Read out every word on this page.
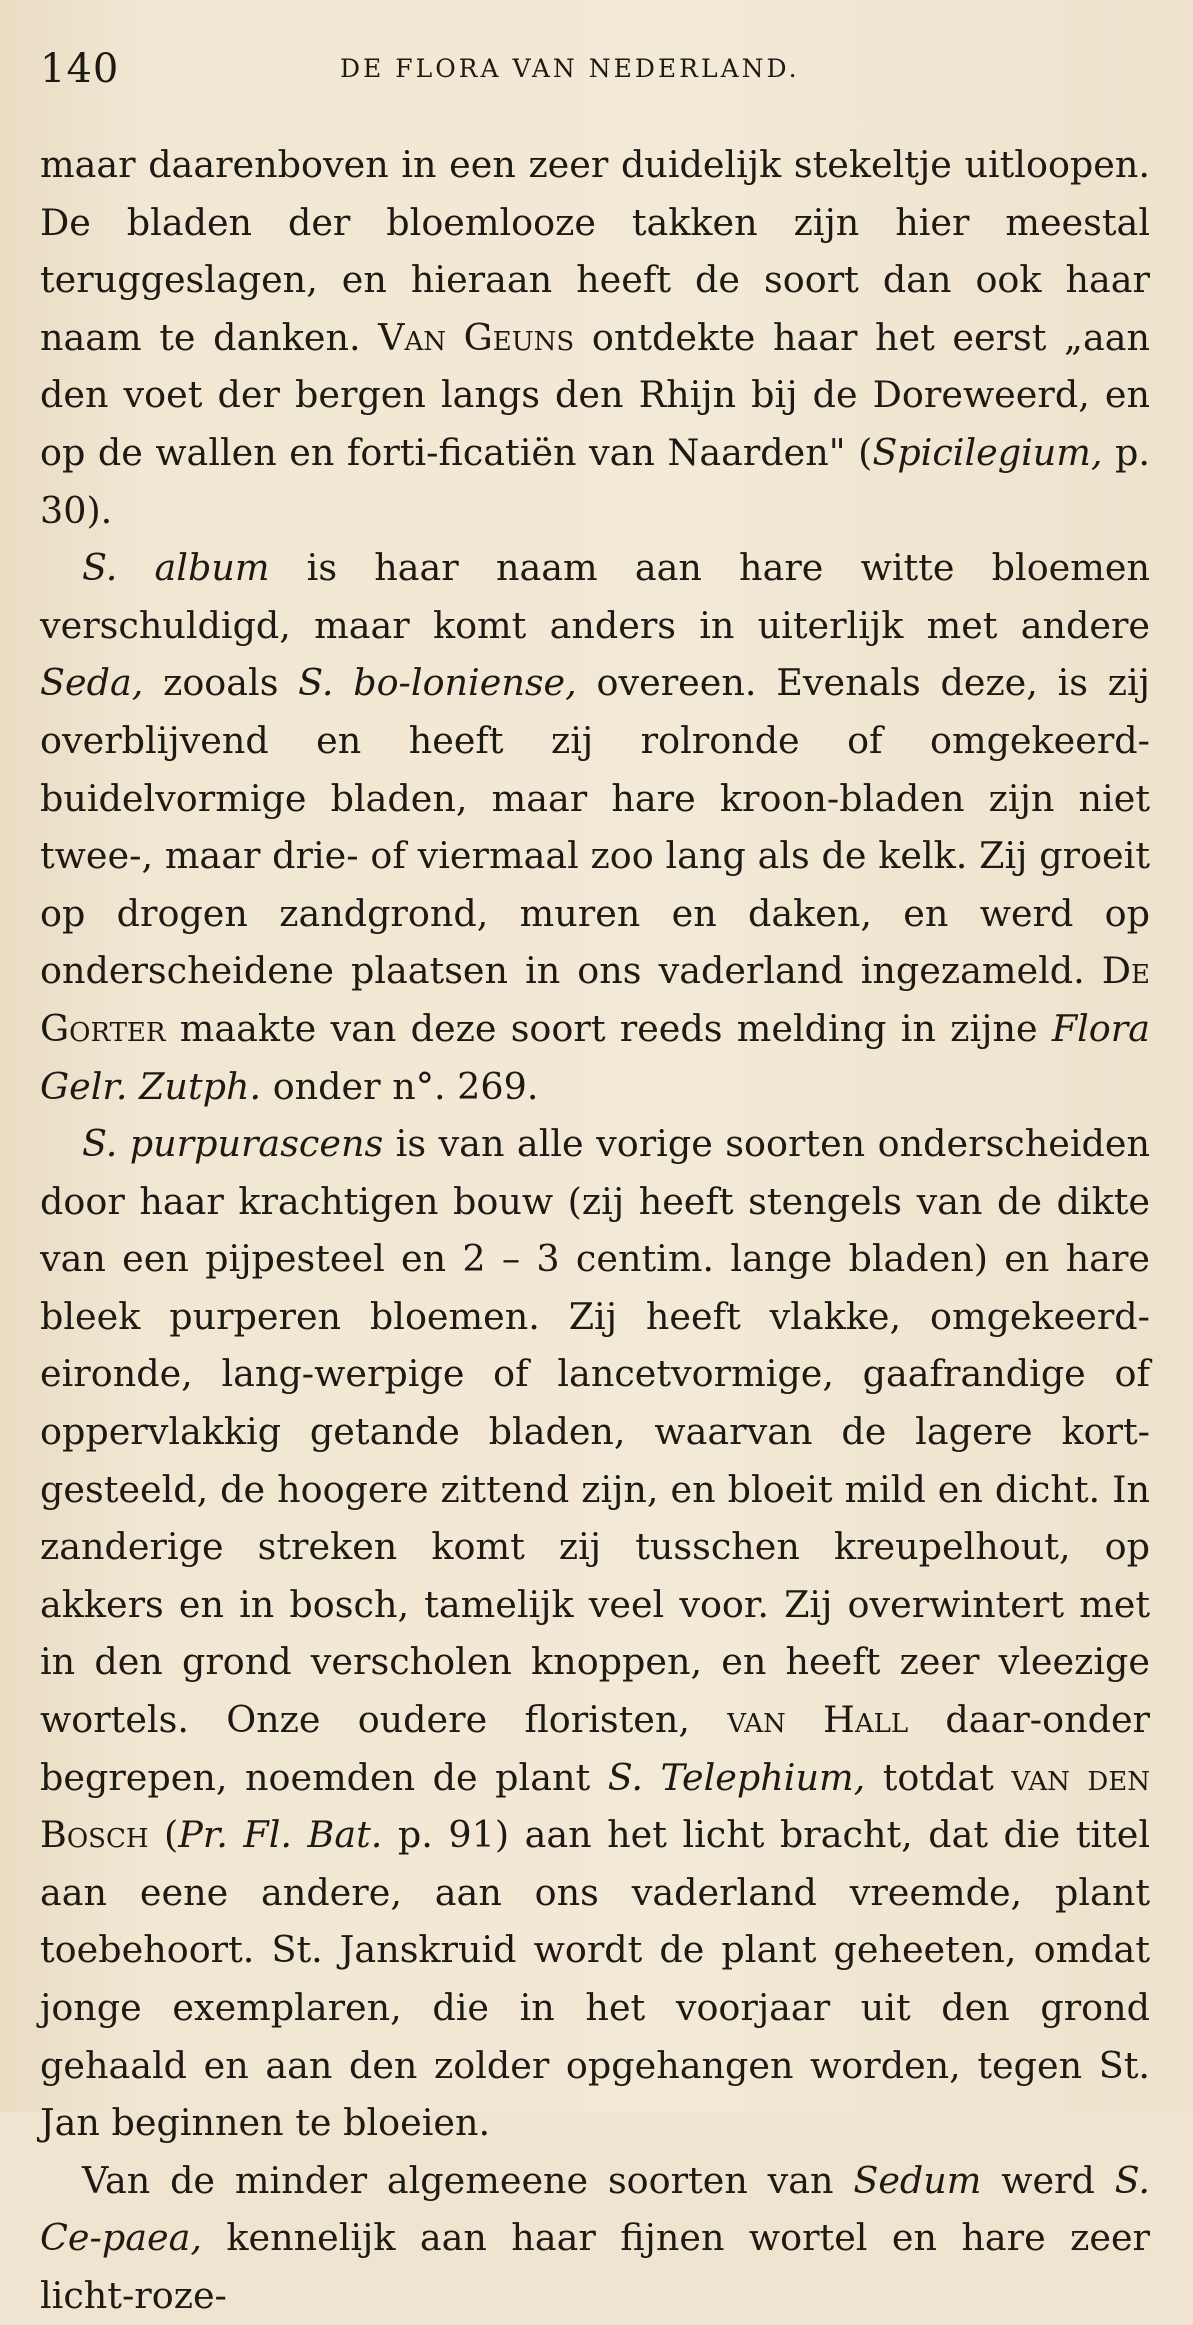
140	DE FLORA VAN NEDERLAND.

maar daarenboven in een zeer duidelijk stekeltje uitloopen. De bladen der bloemlooze takken zijn hier meestal teruggeslagen, en hieraan heeft de soort dan ook haar naam te danken. Van Geuns ontdekte haar het eerst „aan den voet der bergen langs den Rhijn bij de Doreweerd, en op de wallen en forti-ficatiën van Naarden" (Spicilegium, p. 30).

S. album is haar naam aan hare witte bloemen verschuldigd, maar komt anders in uiterlijk met andere Seda, zooals S. bo-loniense, overeen. Evenals deze, is zij overblijvend en heeft zij rolronde of omgekeerd-buidelvormige bladen, maar hare kroon-bladen zijn niet twee-, maar drie- of viermaal zoo lang als de kelk. Zij groeit op drogen zandgrond, muren en daken, en werd op onderscheidene plaatsen in ons vaderland ingezameld. De Gorter maakte van deze soort reeds melding in zijne Flora Gelr. Zutph. onder n°. 269.

S. purpurascens is van alle vorige soorten onderscheiden door haar krachtigen bouw (zij heeft stengels van de dikte van een pijpesteel en 2 – 3 centim. lange bladen) en hare bleek purperen bloemen. Zij heeft vlakke, omgekeerd-eironde, lang-werpige of lancetvormige, gaafrandige of oppervlakkig getande bladen, waarvan de lagere kort-gesteeld, de hoogere zittend zijn, en bloeit mild en dicht. In zanderige streken komt zij tusschen kreupelhout, op akkers en in bosch, tamelijk veel voor. Zij overwintert met in den grond verscholen knoppen, en heeft zeer vleezige wortels. Onze oudere floristen, van Hall daar-onder begrepen, noemden de plant S. Telephium, totdat van den Bosch (Pr. Fl. Bat. p. 91) aan het licht bracht, dat die titel aan eene andere, aan ons vaderland vreemde, plant toebehoort. St. Janskruid wordt de plant geheeten, omdat jonge exemplaren, die in het voorjaar uit den grond gehaald en aan den zolder opgehangen worden, tegen St. Jan beginnen te bloeien.

Van de minder algemeene soorten van Sedum werd S. Ce-paea, kennelijk aan haar fijnen wortel en hare zeer licht-roze-
